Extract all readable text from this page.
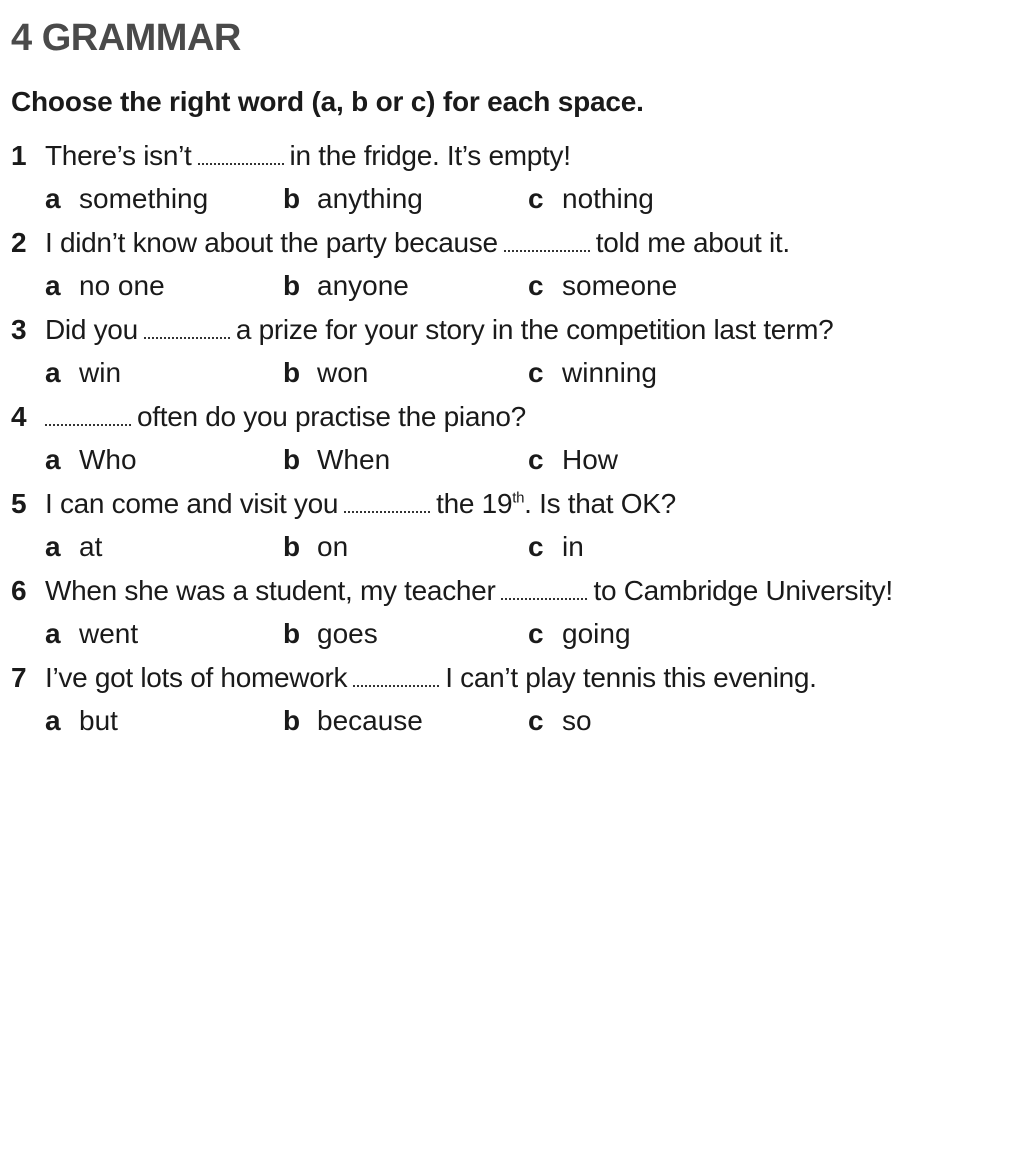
4 GRAMMAR
Choose the right word (a, b or c) for each space.
1 There’s isn’t	in the fridge. It’s empty!
a something	b anything	c nothing
2 I didn’t know about the party because	told me about it.
a no one	b anyone	c someone
3 Did you	a prize for your story in the competition last term?
a win	b won	c winning
4	often do you practise the piano?
a Who	b When	c How
5 I can come and visit you	the 19th. Is that OK?
a at	b on	c in
6 When she was a student, my teacher	to Cambridge University!
a went	b goes	c going
7 I’ve got lots of homework	I can’t play tennis this evening.
a but	b because	c so
